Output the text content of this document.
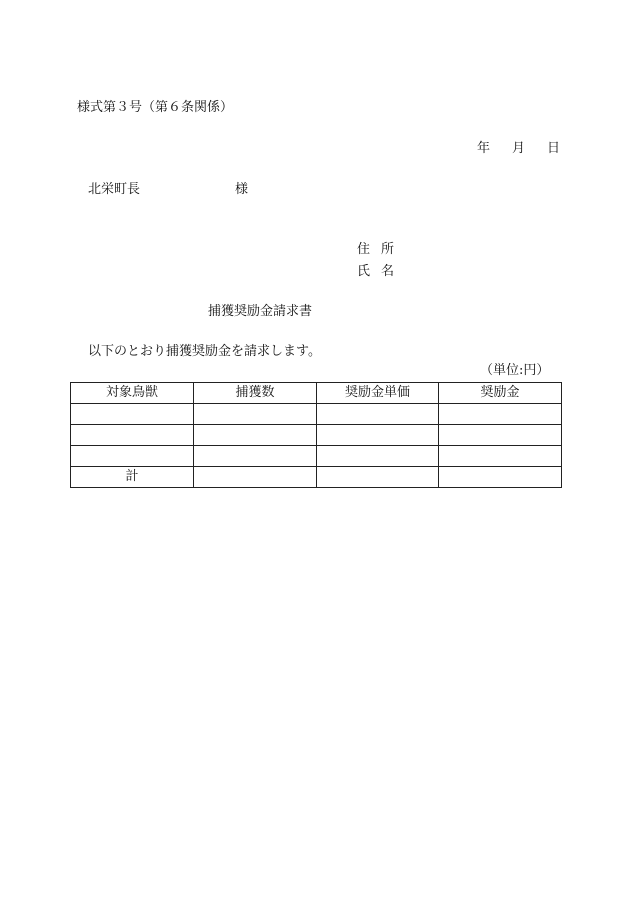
様式第３号（第６条関係）
年 月 日
北栄町長	様
住 所
氏 名
捕獲奨励金請求書
以下のとおり捕獲奨励金を請求します。
（単位:円）
対象鳥獣	捕獲数	奨励金単価	奨励金

計			
